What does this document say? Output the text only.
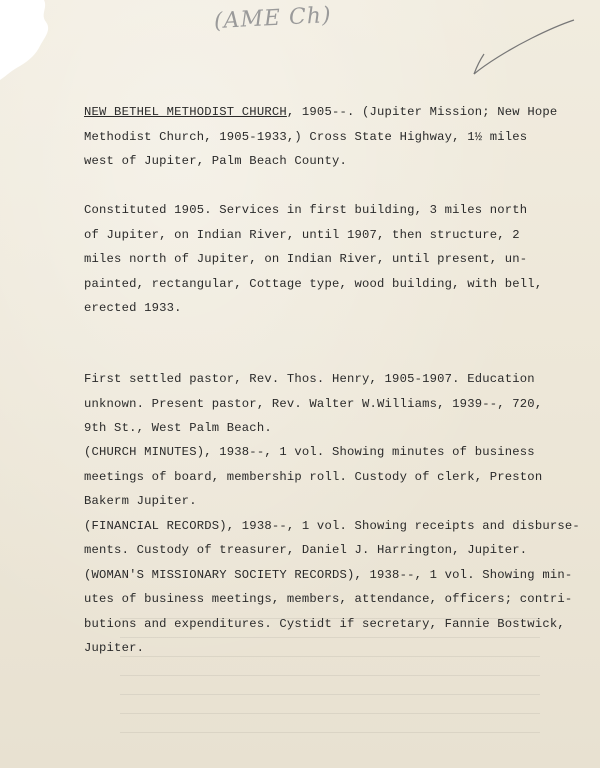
(AME Ch)
NEW BETHEL METHODIST CHURCH, 1905--. (Jupiter Mission; New Hope
Methodist Church, 1905-1933,) Cross State Highway, 1½ miles
west of Jupiter, Palm Beach County.
Constituted 1905. Services in first building, 3 miles north
of Jupiter, on Indian River, until 1907, then structure, 2
miles north of Jupiter, on Indian River, until present, un-
painted, rectangular, Cottage type, wood building, with bell,
erected 1933.
First settled pastor, Rev. Thos. Henry, 1905-1907. Education
unknown. Present pastor, Rev. Walter W.Williams, 1939--, 720,
9th St., West Palm Beach.
(CHURCH MINUTES), 1938--, 1 vol. Showing minutes of business
meetings of board, membership roll. Custody of clerk, Preston
Bakerm Jupiter.
(FINANCIAL RECORDS), 1938--, 1 vol. Showing receipts and disburse-
ments. Custody of treasurer, Daniel J. Harrington, Jupiter.
(WOMAN'S MISSIONARY SOCIETY RECORDS), 1938--, 1 vol. Showing min-
utes of business meetings, members, attendance, officers; contri-
butions and expenditures. Cystidt if secretary, Fannie Bostwick,
Jupiter.
